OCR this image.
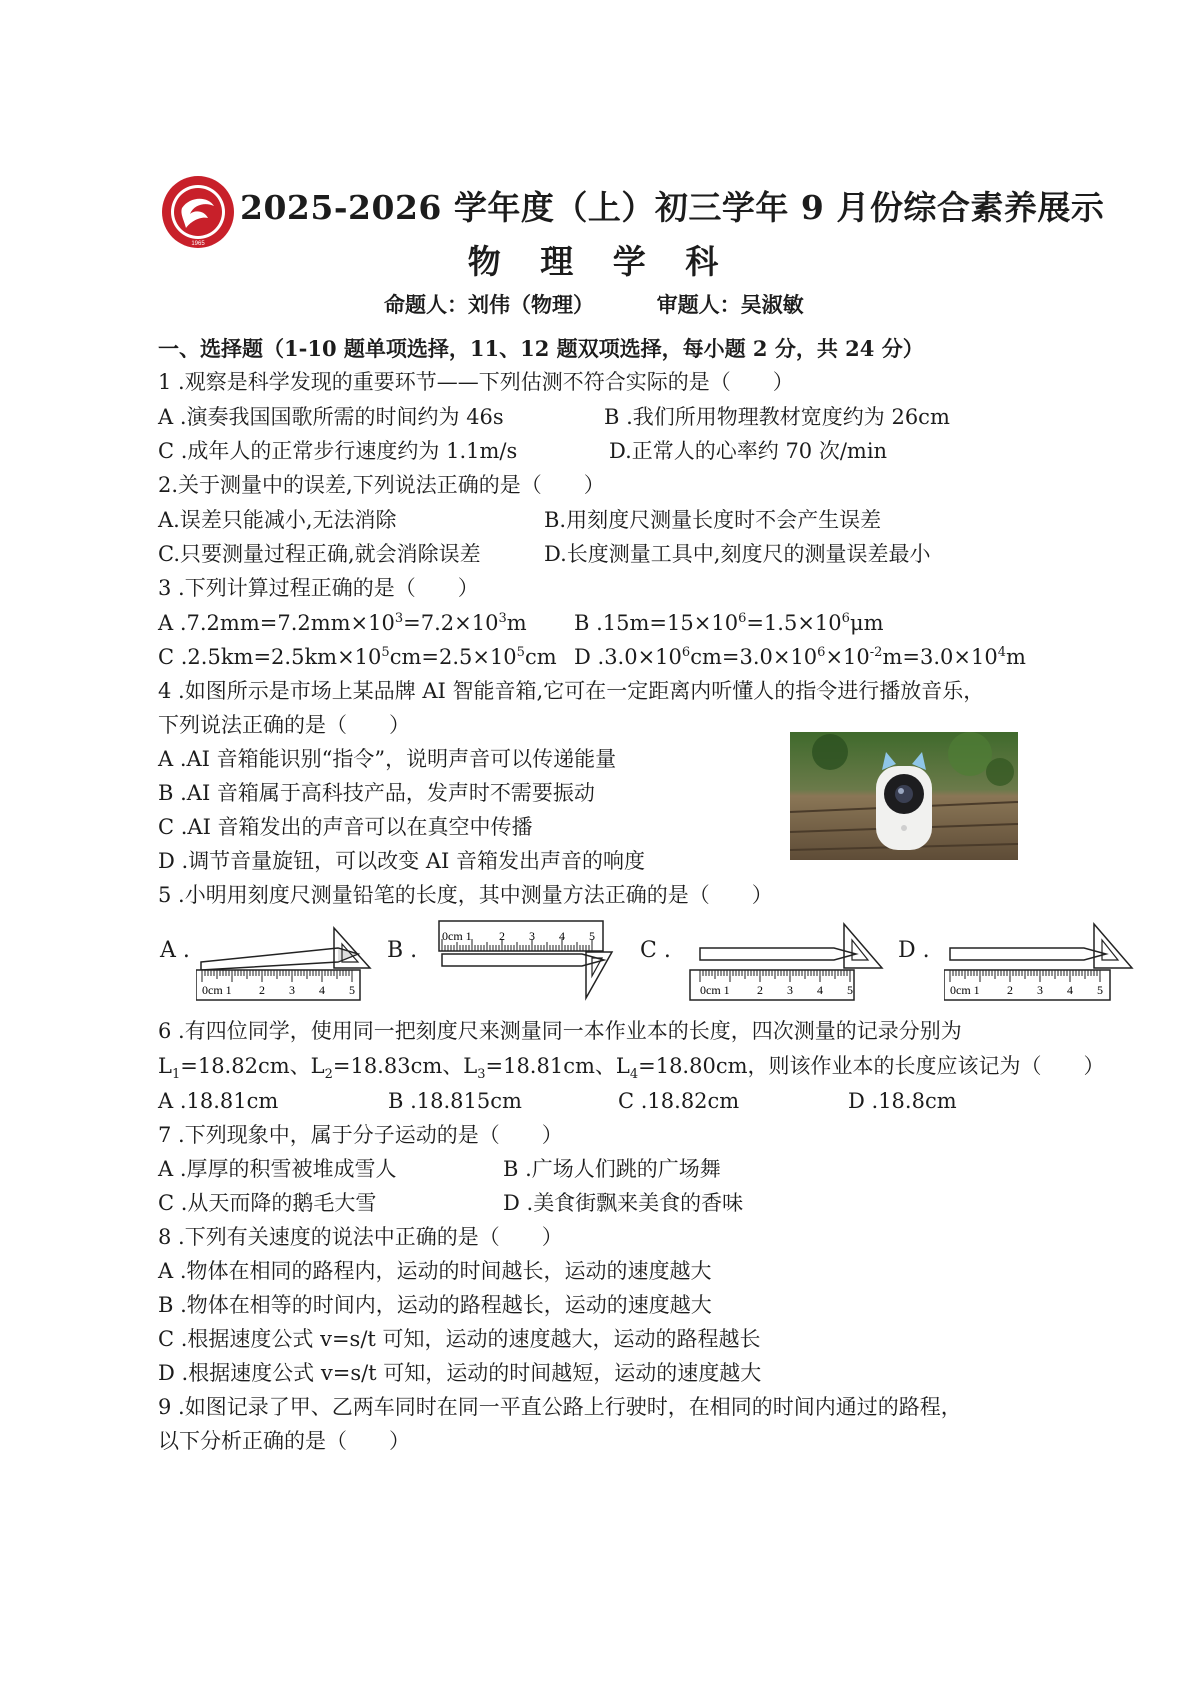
1965
2025-2026 学年度（上）初三学年 9 月份综合素养展示
物 理 学 科
命题人：刘伟（物理）	审题人：吴淑敏
一、选择题（1-10 题单项选择，11、12 题双项选择，每小题 2 分，共 24 分）
1 .观察是科学发现的重要环节——下列估测不符合实际的是（　　）
A .演奏我国国歌所需的时间约为 46s	B .我们所用物理教材宽度约为 26cm
C .成年人的正常步行速度约为 1.1m/s	D.正常人的心率约 70 次/min
2.关于测量中的误差,下列说法正确的是（　　）
A.误差只能减小,无法消除	B.用刻度尺测量长度时不会产生误差
C.只要测量过程正确,就会消除误差	D.长度测量工具中,刻度尺的测量误差最小
3 .下列计算过程正确的是（　　）
A $.7.2mm=7.2mm\times 10^3=7.2\times 10^3m$ B $.15m=15\times 10^6=1.5\times 10^6\mu m$
C $.2.5km=2.5km\times 10^5cm=2.5\times 10^5cm$ D $.3.0\times 10^6cm=3.0\times 10^6\times 10^{-2}m=3.0\times 10^4m$
4 .如图所示是市场上某品牌 AI 智能音箱,它可在一定距离内听懂人的指令进行播放音乐，
下列说法正确的是（　　）
A .AI 音箱能识别“指令”，说明声音可以传递能量
B .AI 音箱属于高科技产品，发声时不需要振动
C .AI 音箱发出的声音可以在真空中传播
D .调节音量旋钮，可以改变 AI 音箱发出声音的响度
5 .小明用刻度尺测量铅笔的长度，其中测量方法正确的是（　　）
A .	B .	C .	D .
0cm 1 2 3 4 5
0cm 1 2 3 4 5
0cm 1 2 3 4 5	0cm 1 2 3 4 5
6 .有四位同学，使用同一把刻度尺来测量同一本作业本的长度，四次测量的记录分别为
$L_1=18.82cm$、$L_2=18.83cm$、$L_3=18.81cm$、$L_4=18.80cm$，则该作业本的长度应该记为（　　）
A .18.81cm	B .18.815cm	C .18.82cm	D .18.8cm
7 .下列现象中，属于分子运动的是（　　）
A .厚厚的积雪被堆成雪人	B .广场人们跳的广场舞
C .从天而降的鹅毛大雪	D .美食街飘来美食的香味
8 .下列有关速度的说法中正确的是（　　）
A .物体在相同的路程内，运动的时间越长，运动的速度越大
B .物体在相等的时间内，运动的路程越长，运动的速度越大
C .根据速度公式 v=s/t 可知，运动的速度越大，运动的路程越长
D .根据速度公式 v=s/t 可知，运动的时间越短，运动的速度越大
9 .如图记录了甲、乙两车同时在同一平直公路上行驶时，在相同的时间内通过的路程，
以下分析正确的是（　　）
